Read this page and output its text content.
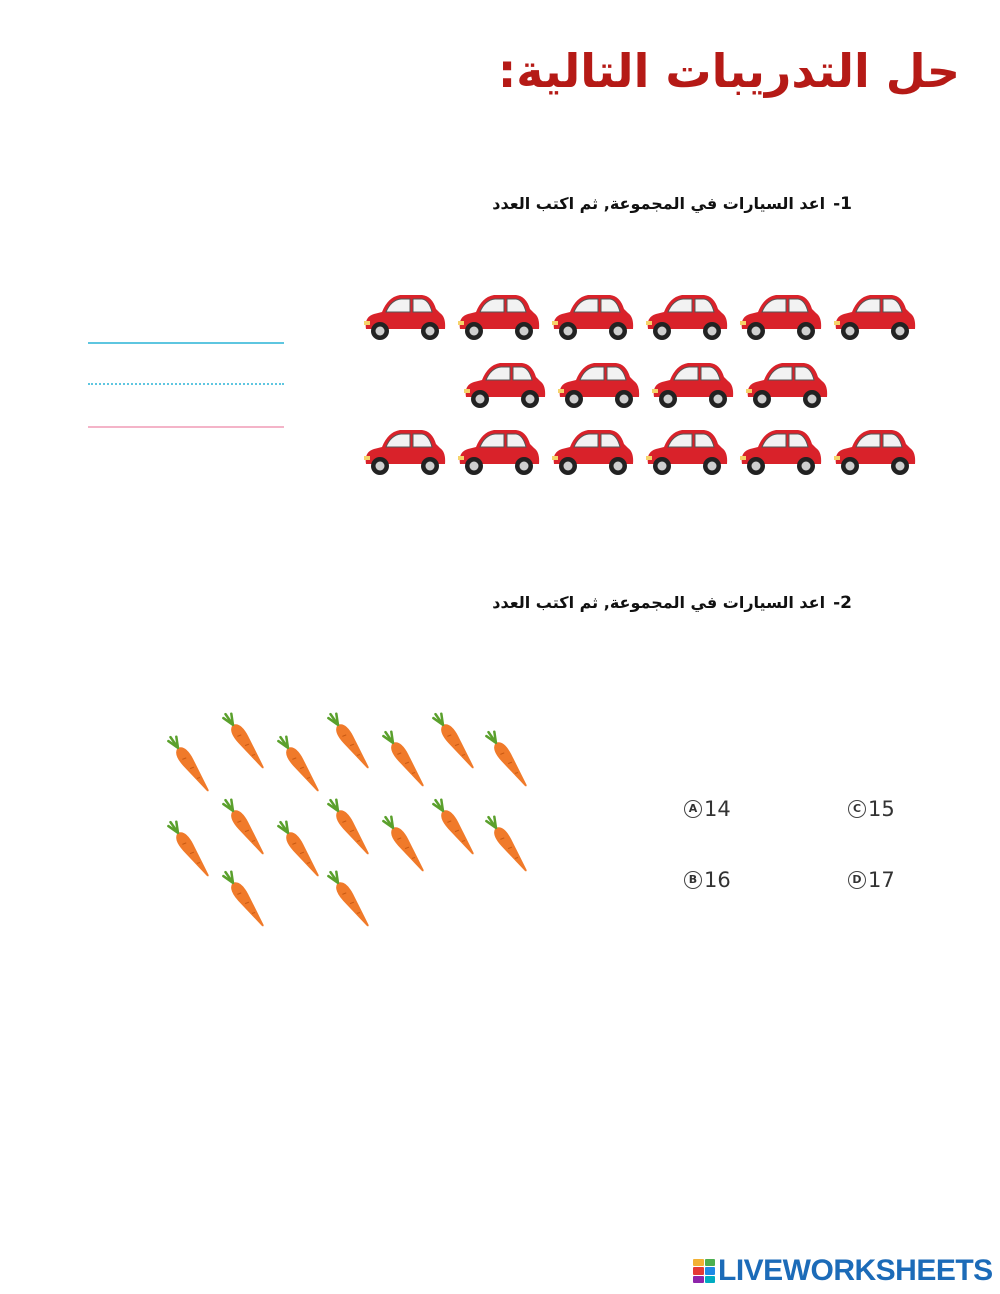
حل التدريبات التالية:

1-اعد السيارات في المجموعة, ثم اكتب العدد

2-اعد السيارات في المجموعة, ثم اكتب العدد

A 14	C 15
B 16	D 17
LIVEWORKSHEETS
